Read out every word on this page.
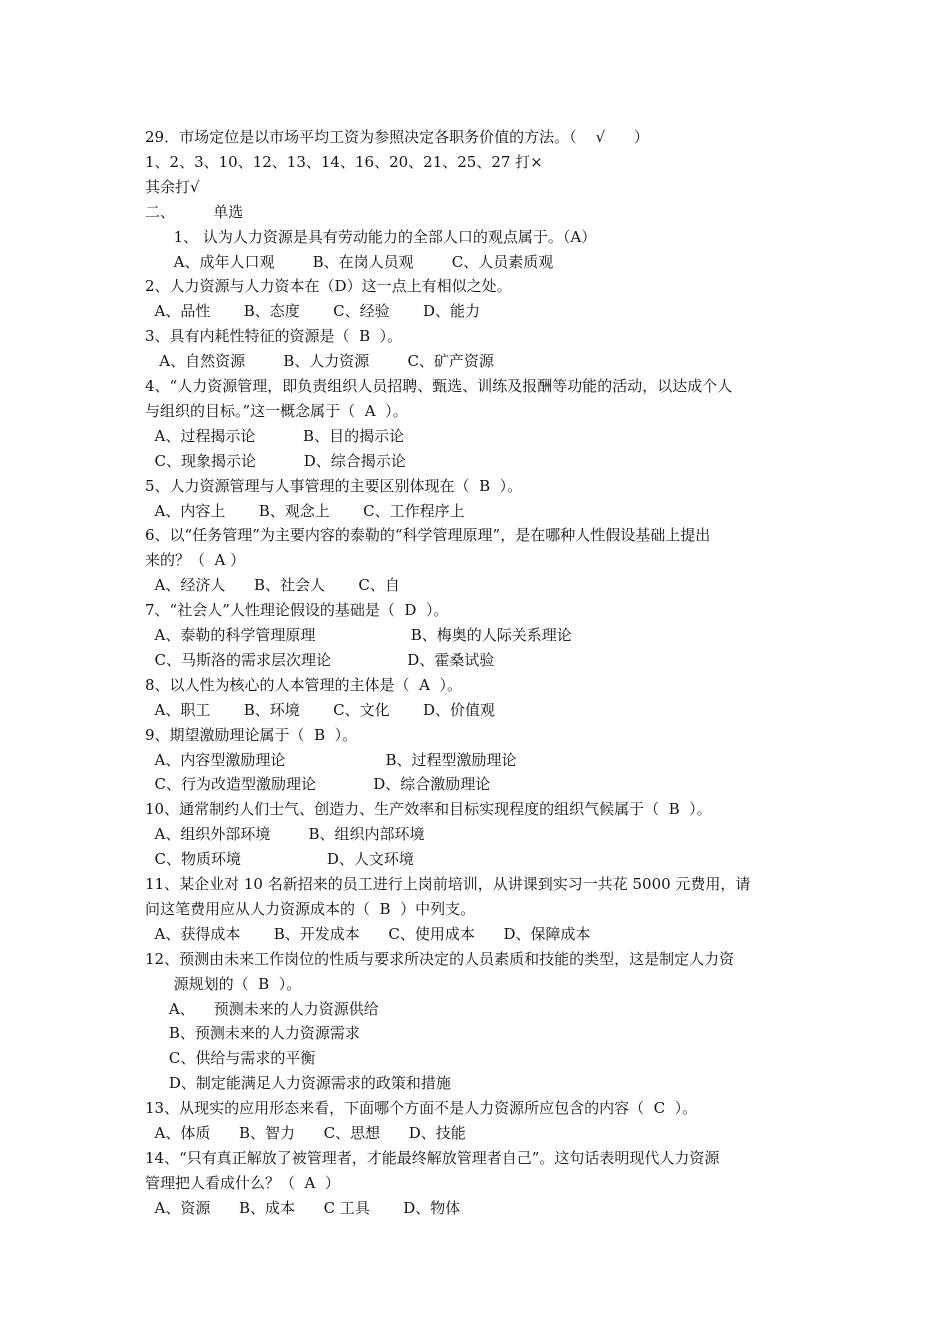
29．市场定位是以市场平均工资为参照决定各职务价值的方法。（    √      ）
1、2、3、10、12、13、14、16、20、21、25、27 打×
其余打√
二、        单选
1、 认为人力资源是具有劳动能力的全部人口的观点属于。（A）
A、成年人口观        B、在岗人员观        C、人员素质观
2、人力资源与人力资本在（D）这一点上有相似之处。
A、品性       B、态度       C、经验       D、能力
3、具有内耗性特征的资源是（  B  ）。
A、自然资源        B、人力资源        C、矿产资源
4、“人力资源管理，即负责组织人员招聘、甄选、训练及报酬等功能的活动，以达成个人
与组织的目标。”这一概念属于（  A  ）。
A、过程揭示论          B、目的揭示论
C、现象揭示论          D、综合揭示论
5、人力资源管理与人事管理的主要区别体现在（  B  ）。
A、内容上       B、观念上       C、工作程序上
6、以“任务管理”为主要内容的泰勒的“科学管理原理”，是在哪种人性假设基础上提出
来的？（  A ）
A、经济人      B、社会人       C、自
7、“社会人”人性理论假设的基础是（  D  ）。
A、泰勒的科学管理原理                    B、梅奥的人际关系理论
C、马斯洛的需求层次理论                D、霍桑试验
8、以人性为核心的人本管理的主体是（  A  ）。
A、职工       B、环境       C、文化       D、价值观
9、期望激励理论属于（  B  ）。
A、内容型激励理论                     B、过程型激励理论
C、行为改造型激励理论            D、综合激励理论
10、通常制约人们士气、创造力、生产效率和目标实现程度的组织气候属于（  B  ）。
A、组织外部环境        B、组织内部环境
C、物质环境                  D、人文环境
11、某企业对 10 名新招来的员工进行上岗前培训，从讲课到实习一共花 5000 元费用，请
问这笔费用应从人力资源成本的（  B  ）中列支。
A、获得成本       B、开发成本      C、使用成本      D、保障成本
12、预测由未来工作岗位的性质与要求所决定的人员素质和技能的类型，这是制定人力资
源规划的（  B  ）。
A、    预测未来的人力资源供给
B、预测未来的人力资源需求
C、供给与需求的平衡
D、制定能满足人力资源需求的政策和措施
13、从现实的应用形态来看，下面哪个方面不是人力资源所应包含的内容（  C  ）。
A、体质      B、智力      C、思想      D、技能
14、“只有真正解放了被管理者，才能最终解放管理者自己”。这句话表明现代人力资源
管理把人看成什么？（  A  ）
A、资源      B、成本      C 工具       D、物体
